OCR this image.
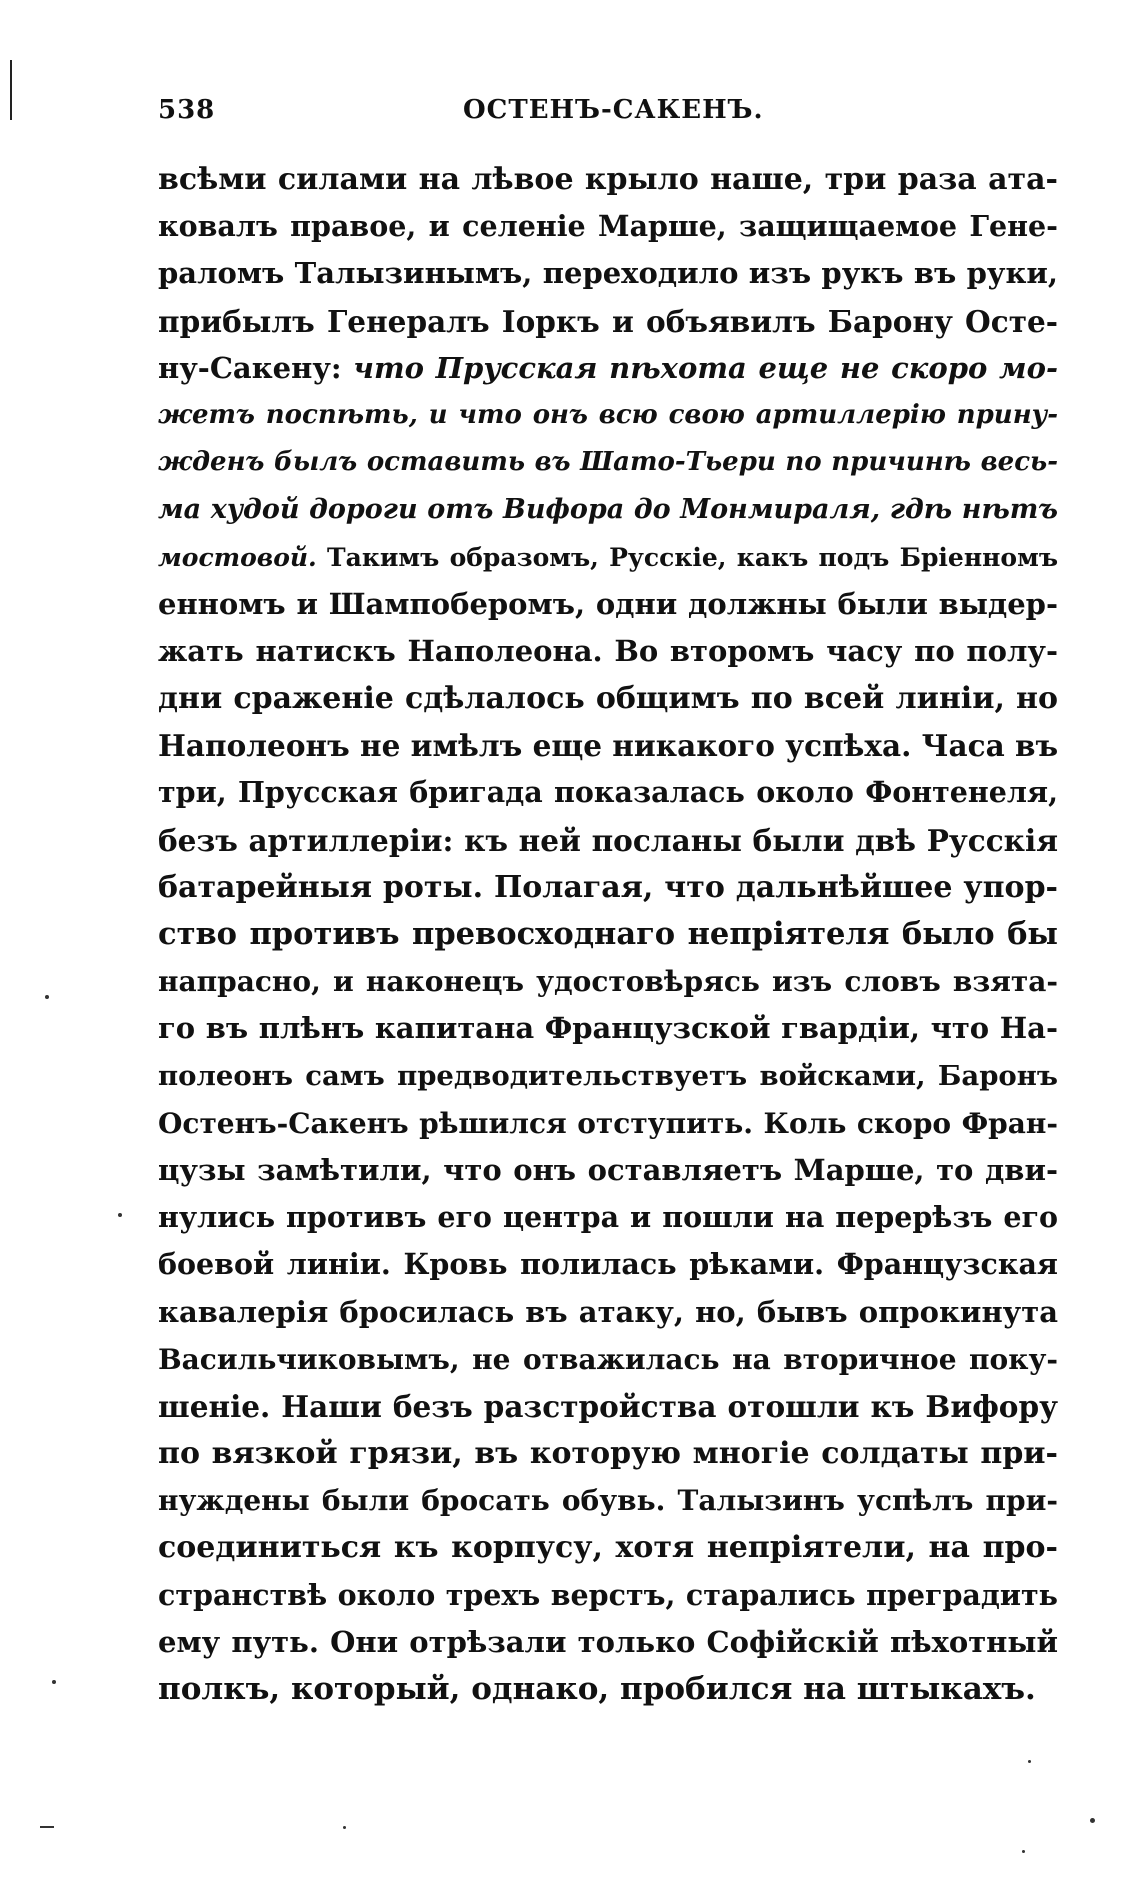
538	ОСТЕНЪ-САКЕНЪ.
всѣми силами на лѣвое крыло наше, три раза ата-
ковалъ правое, и селеніе Марше, защищаемое Гене-
раломъ Талызинымъ, переходило изъ рукъ въ руки,
прибылъ Генералъ Іоркъ и объявилъ Барону Остe-
ну-Сакену: что Прусская пѣхота еще не скоро мо-
жетъ поспѣть, и что онъ всю свою артиллерію прину-
жденъ былъ оставить въ Шато-Тьери по причинѣ весь-
ма худой дороги отъ Вифора до Монмираля, гдѣ нѣтъ
мостовой. Такимъ образомъ, Русскіе, какъ подъ Бріенномъ
енномъ и Шампоберомъ, одни должны были выдер-
жать натискъ Наполеона. Во второмъ часу по полу-
дни сраженіе сдѣлалось общимъ по всей линіи, но
Наполеонъ не имѣлъ еще никакого успѣха. Часа въ
три, Прусская бригада показалась около Фонтенеля,
безъ артиллеріи: къ ней посланы были двѣ Русскія
батарейныя роты. Полагая, что дальнѣйшее упор-
ство противъ превосходнаго непріятеля было бы
напрасно, и наконецъ удостовѣрясь изъ словъ взята-
го въ плѣнъ капитана Французской гвардіи, что На-
полеонъ самъ предводительствуетъ войсками, Баронъ
Остенъ-Сакенъ рѣшился отступить. Коль скоро Фран-
цузы замѣтили, что онъ оставляетъ Марше, то дви-
нулись противъ его центра и пошли на перерѣзъ его
боевой линіи. Кровь полилась рѣками. Французская
кавалерія бросилась въ атаку, но, бывъ опрокинута
Васильчиковымъ, не отважилась на вторичное поку-
шеніе. Наши безъ разстройства отошли къ Вифору
по вязкой грязи, въ которую многіе солдаты при-
нуждены были бросать обувь. Талызинъ успѣлъ при-
соединиться къ корпусу, хотя непріятели, на про-
странствѣ около трехъ верстъ, старались преградить
ему путь. Они отрѣзали только Софійскій пѣхотный
полкъ, который, однако, пробился на штыкахъ.
